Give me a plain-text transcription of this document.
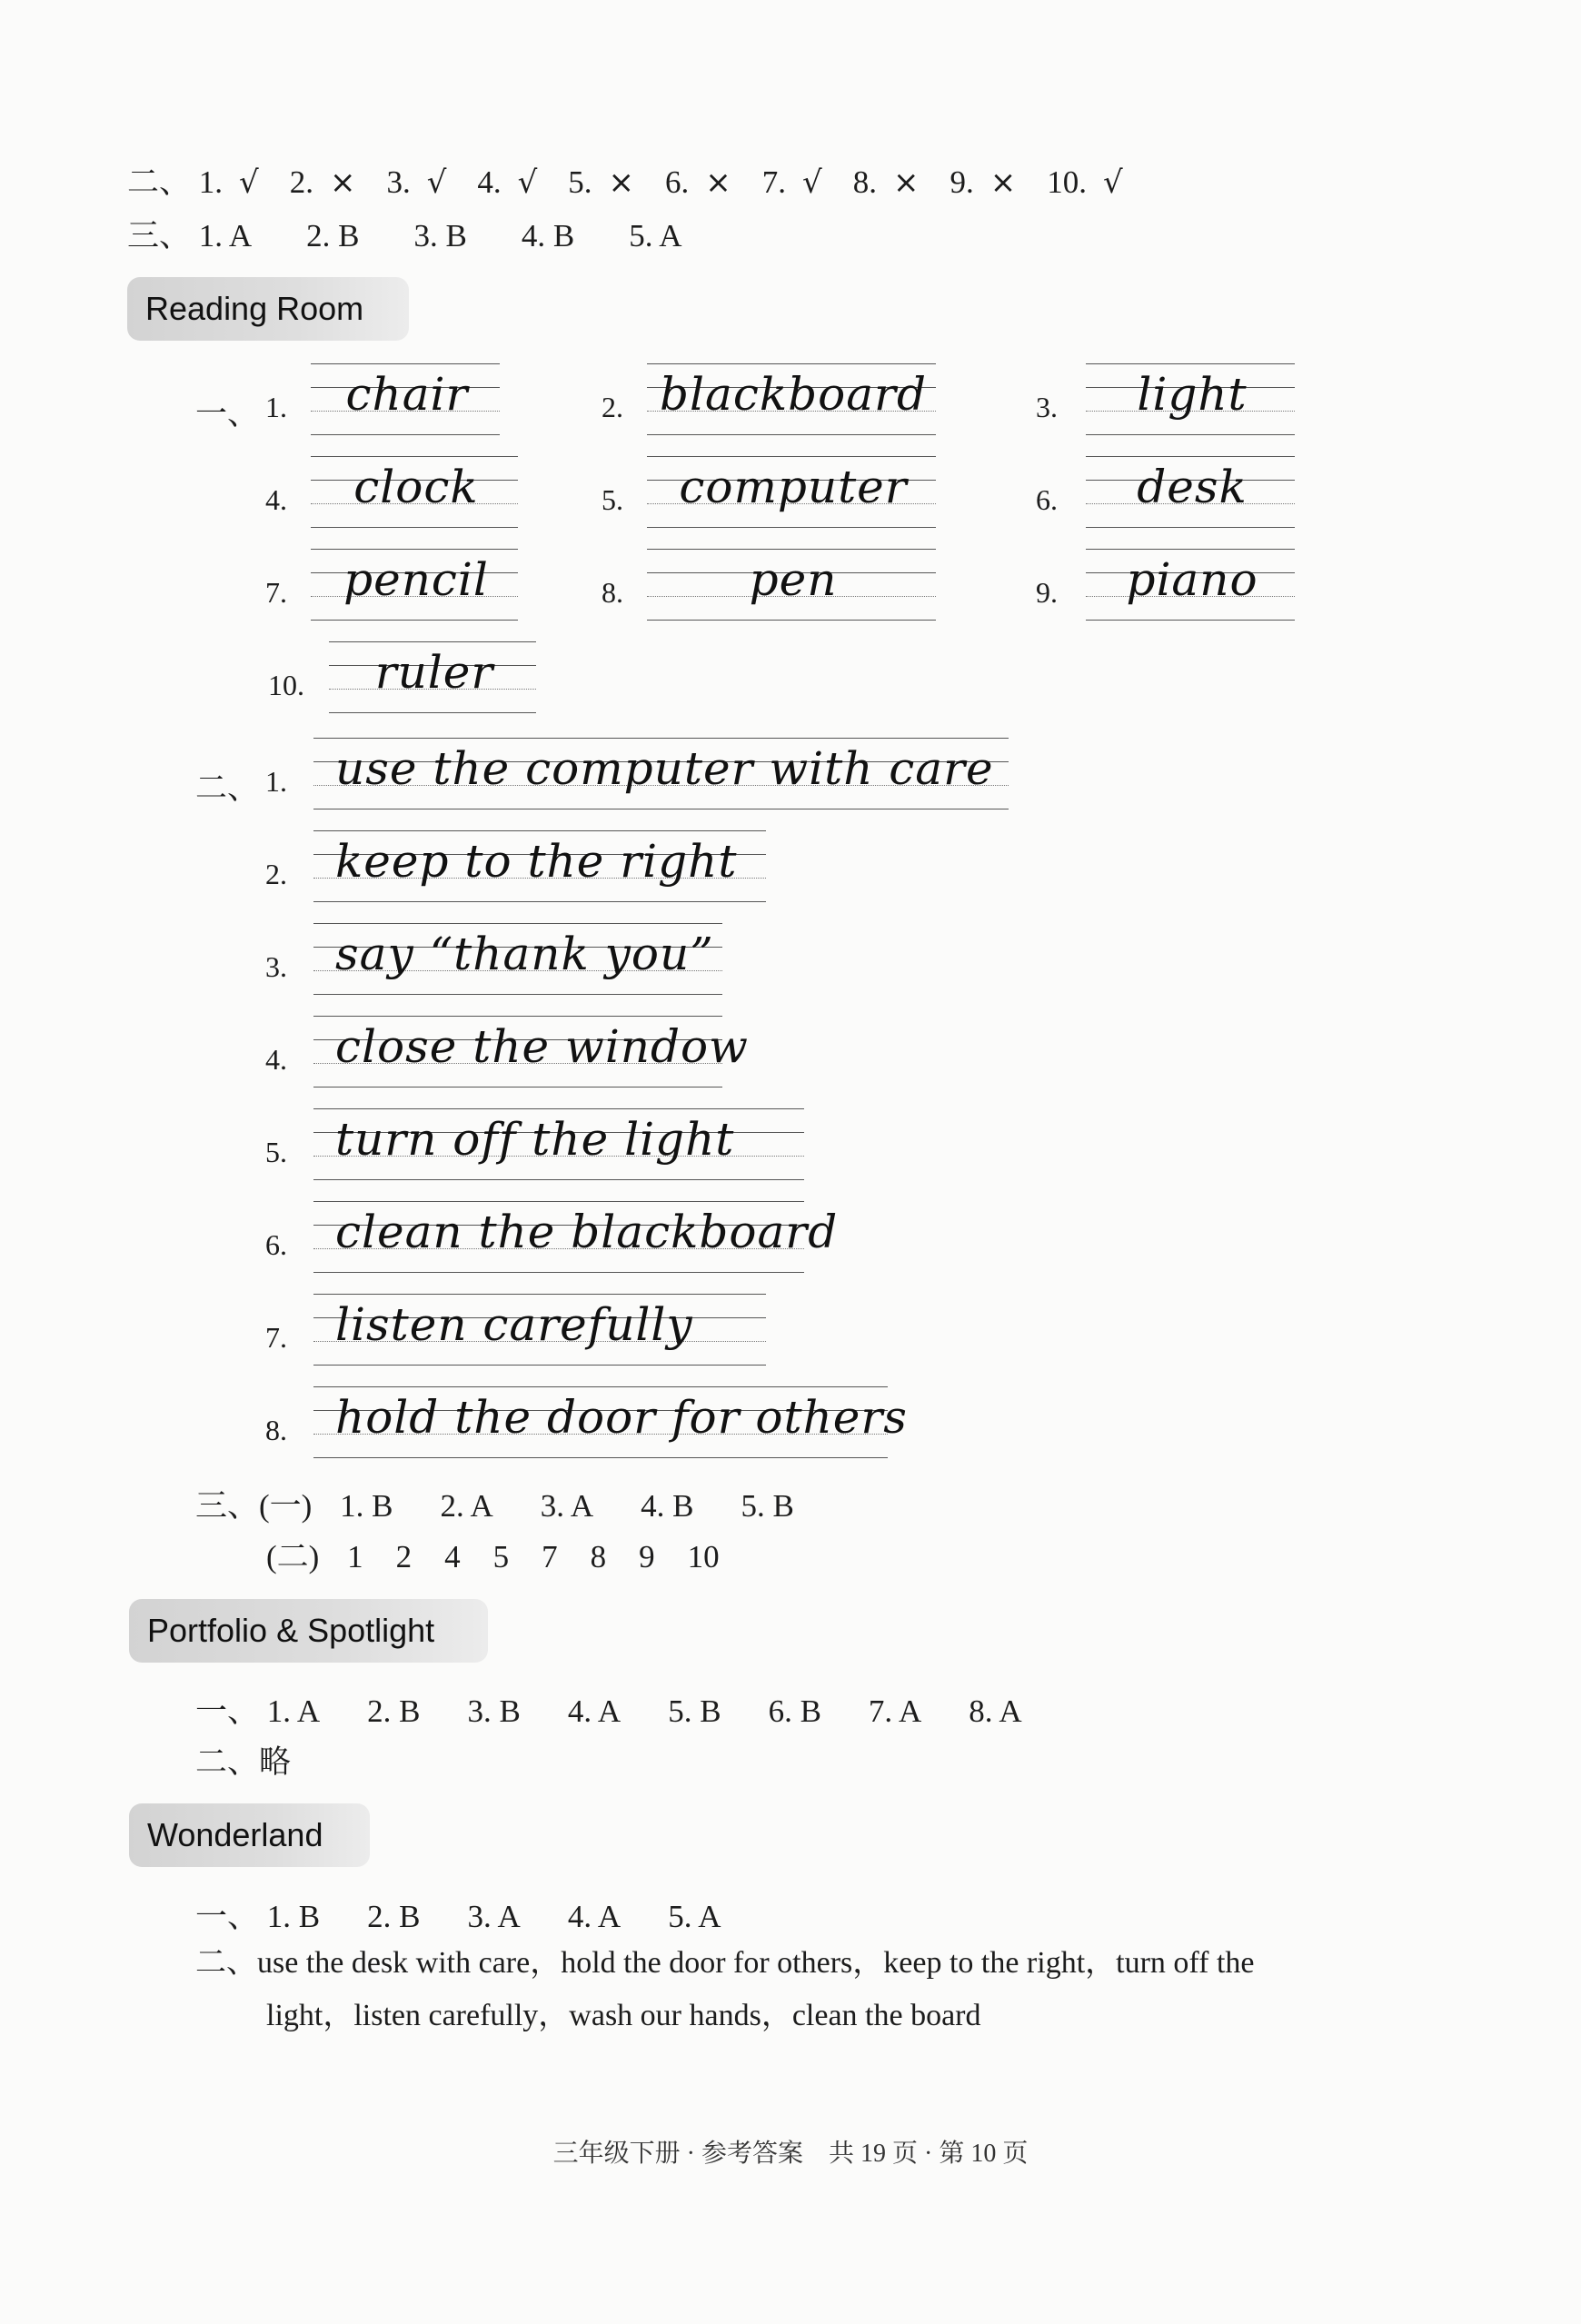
二、 1. √ 2. × 3. √ 4. √ 5. × 6. × 7. √ 8. × 9. × 10. √
三、 1. A 2. B 3. B 4. B 5. A
Reading Room
一、 1.	chair	2. blackboard	3.	light
4.	clock	5.	computer	6.	desk
7.	pencil	8.	pen	9.	piano
10.	ruler
二、 1. use the computer with care
2. keep to the right
3. say “thank you”
4. close the window
5. turn off the light
6. clean the blackboard
7. listen carefully
8. hold the door for others
三、(一) 1. B 2. A 3. A 4. B 5. B
(二) 1 2 4 5 7 8 9 10
Portfolio & Spotlight
一、 1. A 2. B 3. B 4. A 5. B 6. B 7. A 8. A
二、略
Wonderland
一、 1. B 2. B 3. A 4. A 5. A
二、use the desk with care，hold the door for others，keep to the right，turn off the
light，listen carefully，wash our hands，clean the board
三年级下册 · 参考答案　共 19 页 · 第 10 页
